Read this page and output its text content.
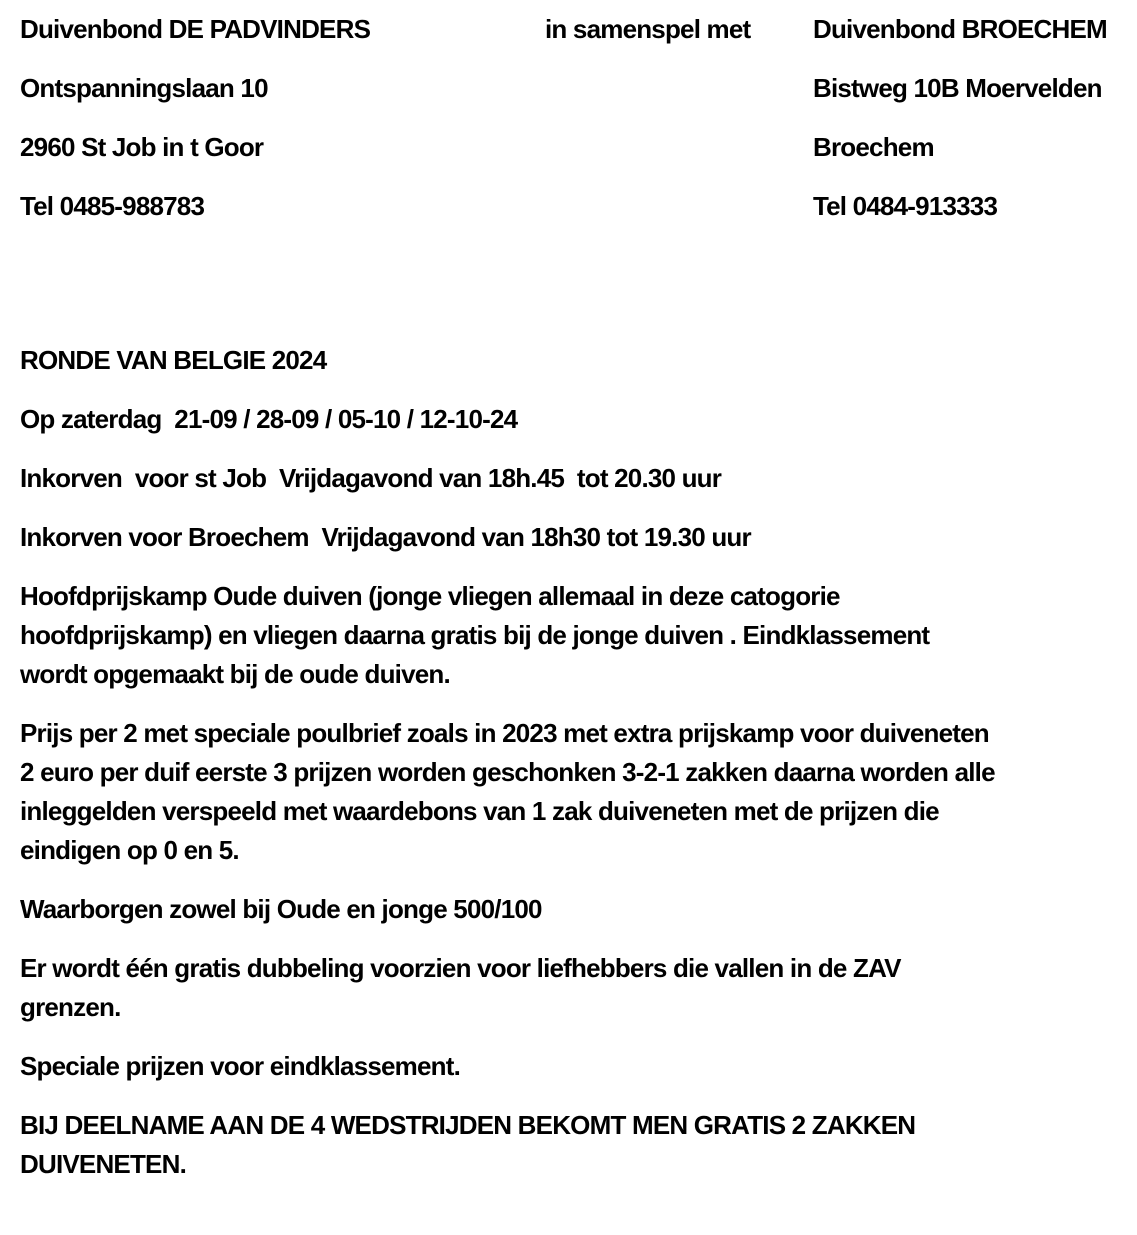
Duivenbond DE PADVINDERS	in samenspel met	Duivenbond BROECHEM
Ontspanningslaan 10	Bistweg 10B Moervelden
2960 St Job in t Goor	Broechem
Tel 0485-988783	Tel 0484-913333
RONDE VAN BELGIE 2024
Op zaterdag  21-09 / 28-09 / 05-10 / 12-10-24
Inkorven  voor st Job  Vrijdagavond van 18h.45  tot 20.30 uur
Inkorven voor Broechem  Vrijdagavond van 18h30 tot 19.30 uur
Hoofdprijskamp Oude duiven (jonge vliegen allemaal in deze catogorie
hoofdprijskamp) en vliegen daarna gratis bij de jonge duiven . Eindklassement
wordt opgemaakt bij de oude duiven.
Prijs per 2 met speciale poulbrief zoals in 2023 met extra prijskamp voor duiveneten
2 euro per duif eerste 3 prijzen worden geschonken 3-2-1 zakken daarna worden alle
inleggelden verspeeld met waardebons van 1 zak duiveneten met de prijzen die
eindigen op 0 en 5.
Waarborgen zowel bij Oude en jonge 500/100
Er wordt één gratis dubbeling voorzien voor liefhebbers die vallen in de ZAV
grenzen.
Speciale prijzen voor eindklassement.
BIJ DEELNAME AAN DE 4 WEDSTRIJDEN BEKOMT MEN GRATIS 2 ZAKKEN
DUIVENETEN.
